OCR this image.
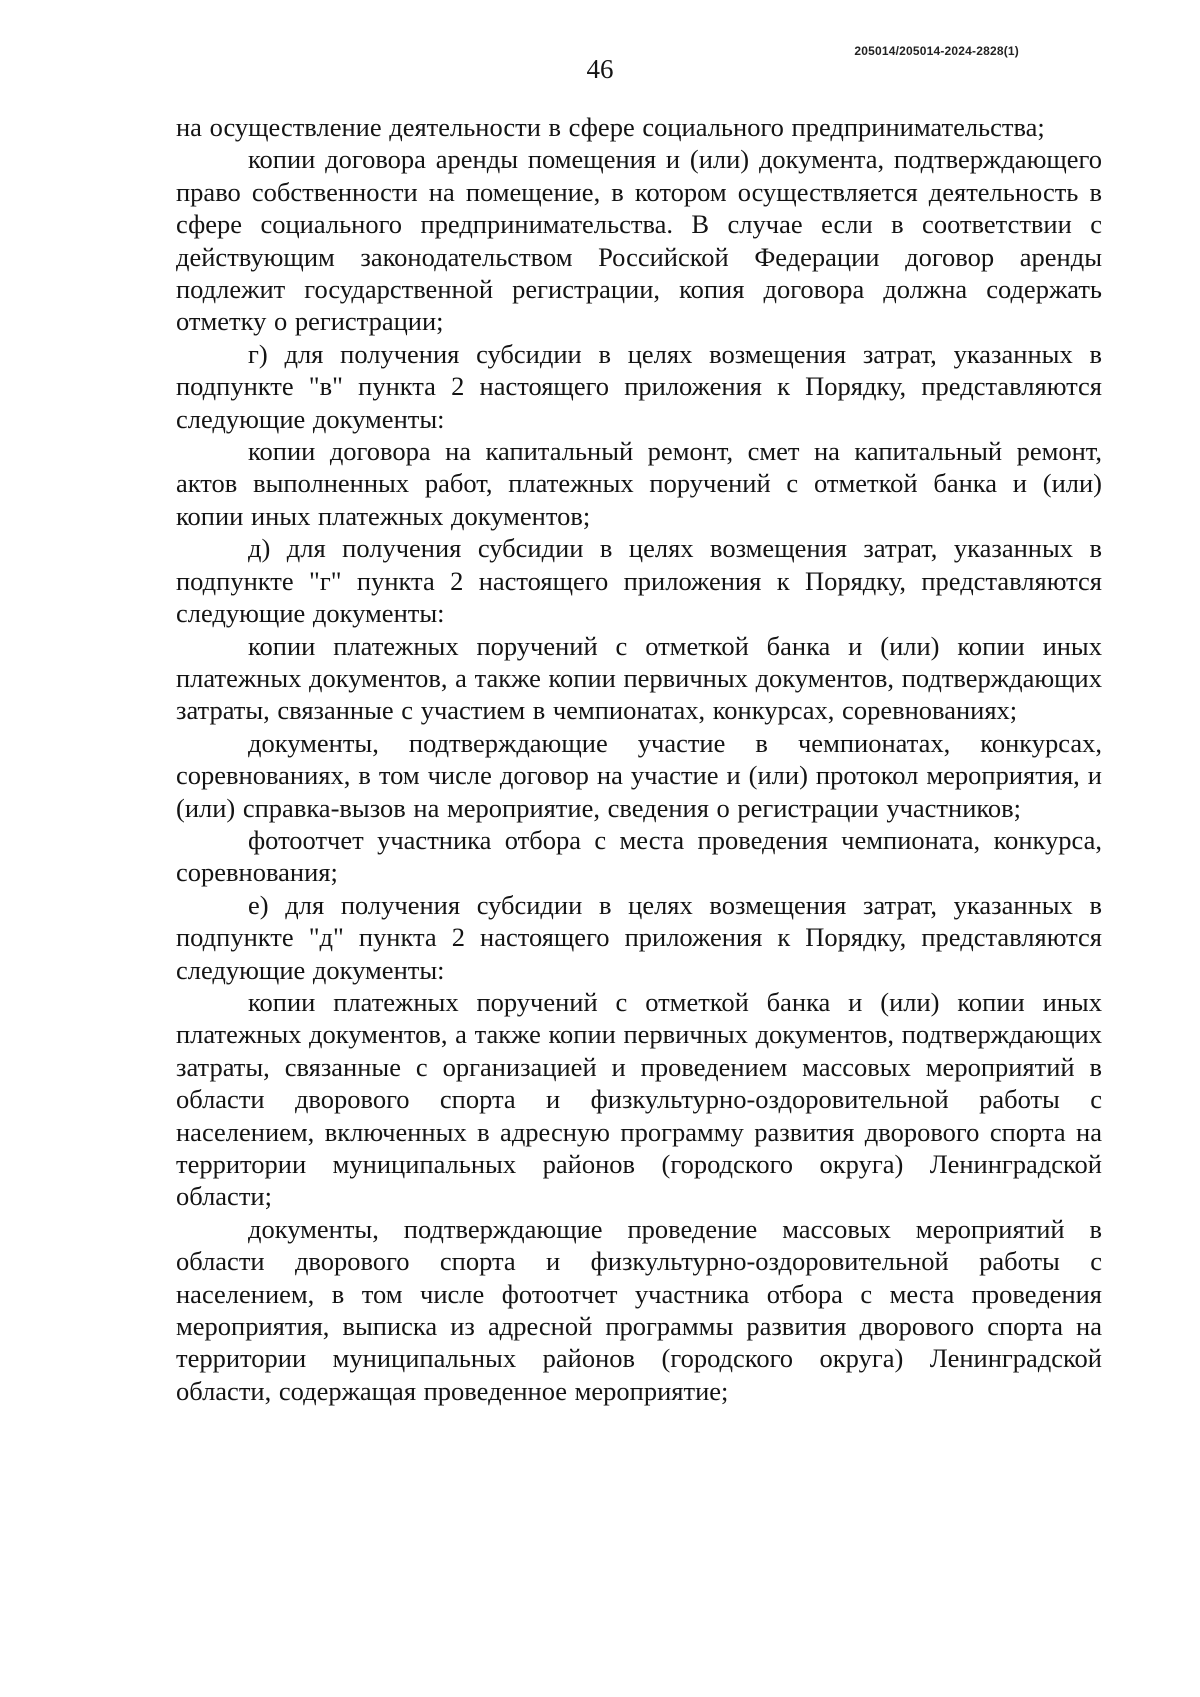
205014/205014-2024-2828(1)
46

на осуществление деятельности в сфере социального предпринимательства;

копии договора аренды помещения и (или) документа, подтверждающего право собственности на помещение, в котором осуществляется деятельность в сфере социального предпринимательства. В случае если в соответствии с действующим законодательством Российской Федерации договор аренды подлежит государственной регистрации, копия договора должна содержать отметку о регистрации;

г) для получения субсидии в целях возмещения затрат, указанных в подпункте "в" пункта 2 настоящего приложения к Порядку, представляются следующие документы:

копии договора на капитальный ремонт, смет на капитальный ремонт, актов выполненных работ, платежных поручений с отметкой банка и (или) копии иных платежных документов;

д) для получения субсидии в целях возмещения затрат, указанных в подпункте "г" пункта 2 настоящего приложения к Порядку, представляются следующие документы:

копии платежных поручений с отметкой банка и (или) копии иных платежных документов, а также копии первичных документов, подтверждающих затраты, связанные с участием в чемпионатах, конкурсах, соревнованиях;

документы, подтверждающие участие в чемпионатах, конкурсах, соревнованиях, в том числе договор на участие и (или) протокол мероприятия, и (или) справка-вызов на мероприятие, сведения о регистрации участников;

фотоотчет участника отбора с места проведения чемпионата, конкурса, соревнования;

е) для получения субсидии в целях возмещения затрат, указанных в подпункте "д" пункта 2 настоящего приложения к Порядку, представляются следующие документы:

копии платежных поручений с отметкой банка и (или) копии иных платежных документов, а также копии первичных документов, подтверждающих затраты, связанные с организацией и проведением массовых мероприятий в области дворового спорта и физкультурно-оздоровительной работы с населением, включенных в адресную программу развития дворового спорта на территории муниципальных районов (городского округа) Ленинградской области;

документы, подтверждающие проведение массовых мероприятий в области дворового спорта и физкультурно-оздоровительной работы с населением, в том числе фотоотчет участника отбора с места проведения мероприятия, выписка из адресной программы развития дворового спорта на территории муниципальных районов (городского округа) Ленинградской области, содержащая проведенное мероприятие;
